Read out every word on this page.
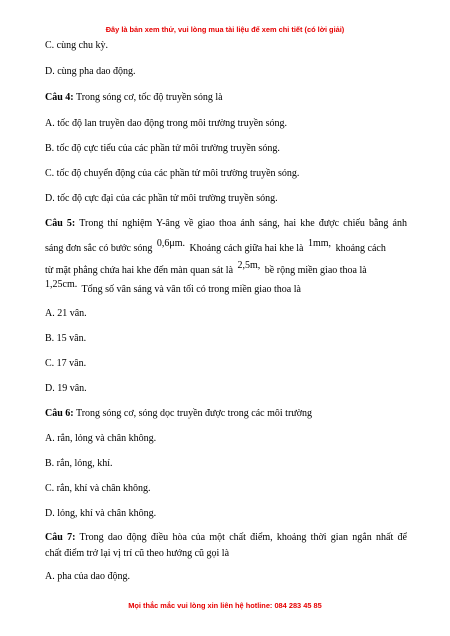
Đây là bản xem thử, vui lòng mua tài liệu để xem chi tiết (có lời giải)
C. cùng chu kỳ.
D. cùng pha dao động.
Câu 4: Trong sóng cơ, tốc độ truyền sóng là
A. tốc độ lan truyền dao động trong môi trường truyền sóng.
B. tốc độ cực tiểu của các phần tử môi trường truyền sóng.
C. tốc độ chuyển động của các phần tử môi trường truyền sóng.
D. tốc độ cực đại của các phần tử môi trường truyền sóng.
Câu 5: Trong thí nghiệm Y-âng về giao thoa ánh sáng, hai khe được chiếu bằng ánh
sáng đơn sắc có bước sóng 0,6μm. Khoảng cách giữa hai khe là 1mm, khoảng cách
từ mặt phẳng chứa hai khe đến màn quan sát là 2,5m, bề rộng miền giao thoa là
1,25cm. Tổng số vân sáng và vân tối có trong miền giao thoa là
A. 21 vân.
B. 15 vân.
C. 17 vân.
D. 19 vân.
Câu 6: Trong sóng cơ, sóng dọc truyền được trong các môi trường
A. rắn, lỏng và chân không.
B. rắn, lỏng, khí.
C. rắn, khí và chân không.
D. lỏng, khí và chân không.
Câu 7: Trong dao động điều hòa của một chất điểm, khoảng thời gian ngắn nhất để
chất điểm trở lại vị trí cũ theo hướng cũ gọi là
A. pha của dao động.
Mọi thắc mắc vui lòng xin liên hệ hotline: 084 283 45 85
